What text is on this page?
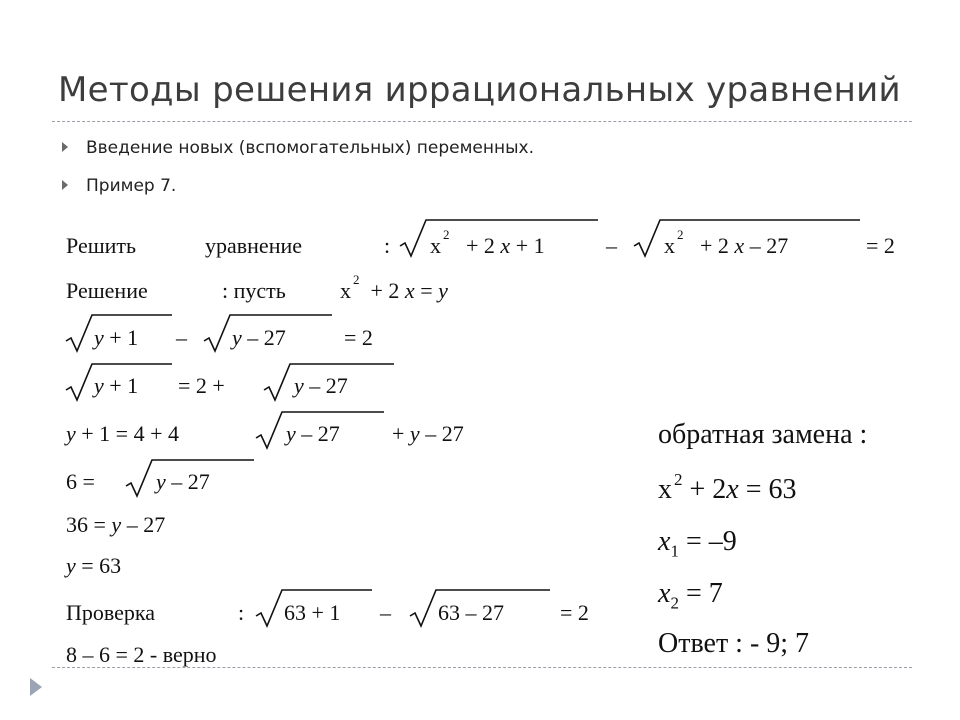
Методы решения иррациональных уравнений
Введение новых (вспомогательных) переменных.
Пример 7.
Решить	уравнение	: x $^2$ + 2 x + 1	– x $^2$ + 2 x – 27	= 2
Решение	: пусть x $^2$ + 2 x = y
y + 1 – y – 27	= 2
y + 1 = 2 +	y – 27
y + 1 = 4 + 4	y – 27 + y – 27
6 =	y – 27
36 = y – 27
y = 63
Проверка	: 63 + 1 – 63 – 27	= 2
8 – 6 = 2 - верно
обратная замена :
x $^2$ + 2x = 63
$x_1 = -9$
$x_2 = 7$
Ответ : - 9; 7
